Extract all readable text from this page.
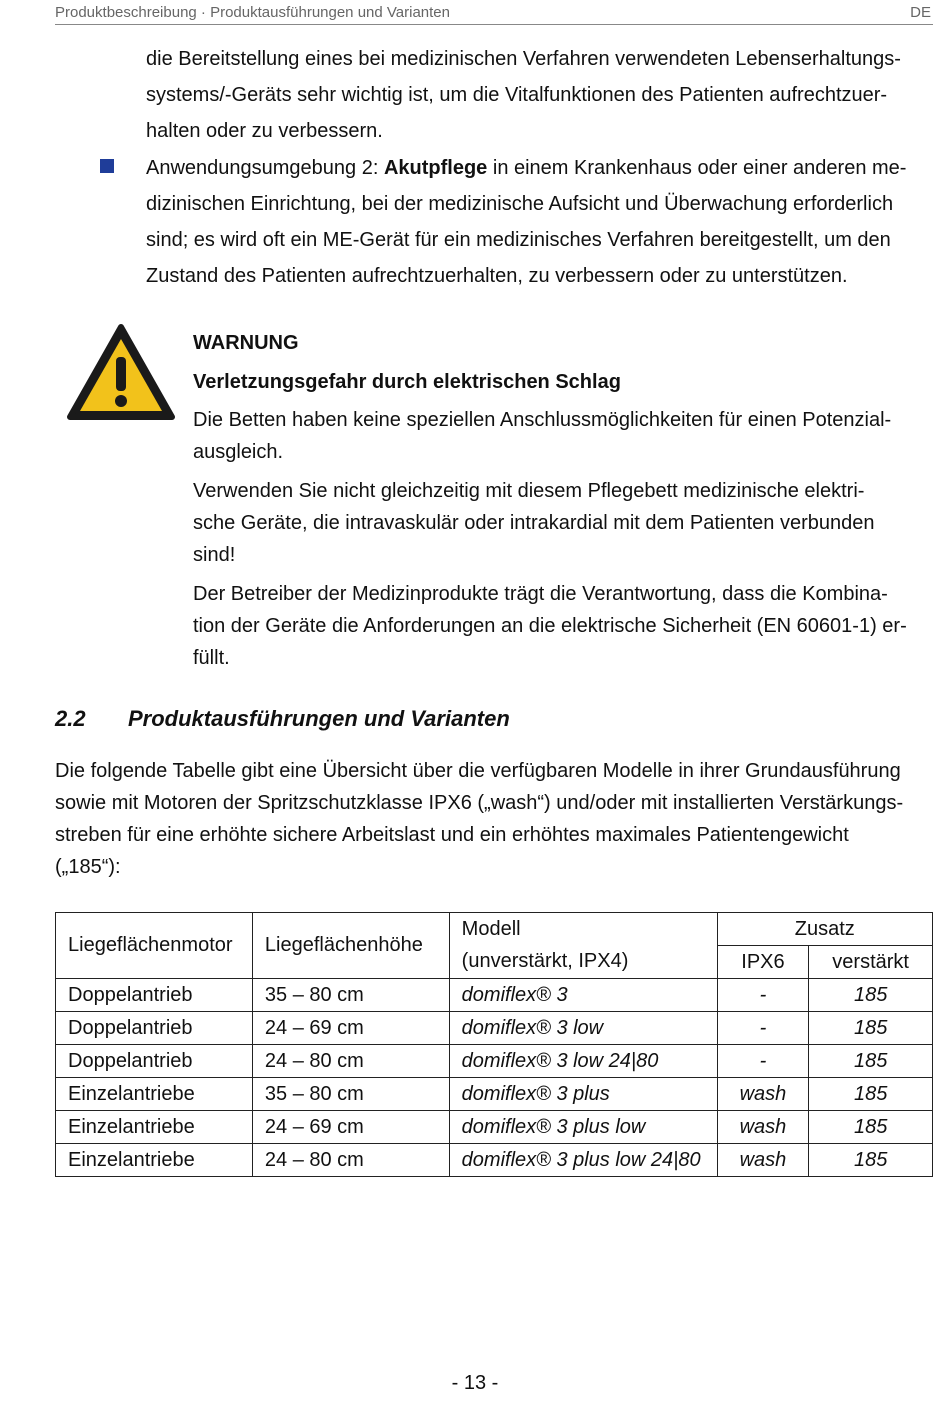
Produktbeschreibung · Produktausführungen und Varianten	DE
die Bereitstellung eines bei medizinischen Verfahren verwendeten Lebenserhaltungs-
systems/-Geräts sehr wichtig ist, um die Vitalfunktionen des Patienten aufrechtzuer-
halten oder zu verbessern.
Anwendungsumgebung 2: Akutpflege in einem Krankenhaus oder einer anderen me-
dizinischen Einrichtung, bei der medizinische Aufsicht und Überwachung erforderlich
sind; es wird oft ein ME-Gerät für ein medizinisches Verfahren bereitgestellt, um den
Zustand des Patienten aufrechtzuerhalten, zu verbessern oder zu unterstützen.
WARNUNG
Verletzungsgefahr durch elektrischen Schlag
Die Betten haben keine speziellen Anschlussmöglichkeiten für einen Potenzial-
ausgleich.
Verwenden Sie nicht gleichzeitig mit diesem Pflegebett medizinische elektri-
sche Geräte, die intravaskulär oder intrakardial mit dem Patienten verbunden
sind!
Der Betreiber der Medizinprodukte trägt die Verantwortung, dass die Kombina-
tion der Geräte die Anforderungen an die elektrische Sicherheit (EN 60601-1) er-
füllt.
2.2 Produktausführungen und Varianten
Die folgende Tabelle gibt eine Übersicht über die verfügbaren Modelle in ihrer Grundausführung
sowie mit Motoren der Spritzschutzklasse IPX6 („wash“) und/oder mit installierten Verstärkungs-
streben für eine erhöhte sichere Arbeitslast und ein erhöhtes maximales Patientengewicht
(„185“):
Liegeflächenmotor	Liegeflächenhöhe	Modell	Zusatz	
		(unverstärkt, IPX4)	IPX6	verstärkt
Doppelantrieb	35 – 80 cm	domiflex® 3	-	185
Doppelantrieb	24 – 69 cm	domiflex® 3 low	-	185
Doppelantrieb	24 – 80 cm	domiflex® 3 low 24|80	-	185
Einzelantriebe	35 – 80 cm	domiflex® 3 plus	wash	185
Einzelantriebe	24 – 69 cm	domiflex® 3 plus low	wash	185
Einzelantriebe	24 – 80 cm	domiflex® 3 plus low 24|80	wash	185
- 13 -
